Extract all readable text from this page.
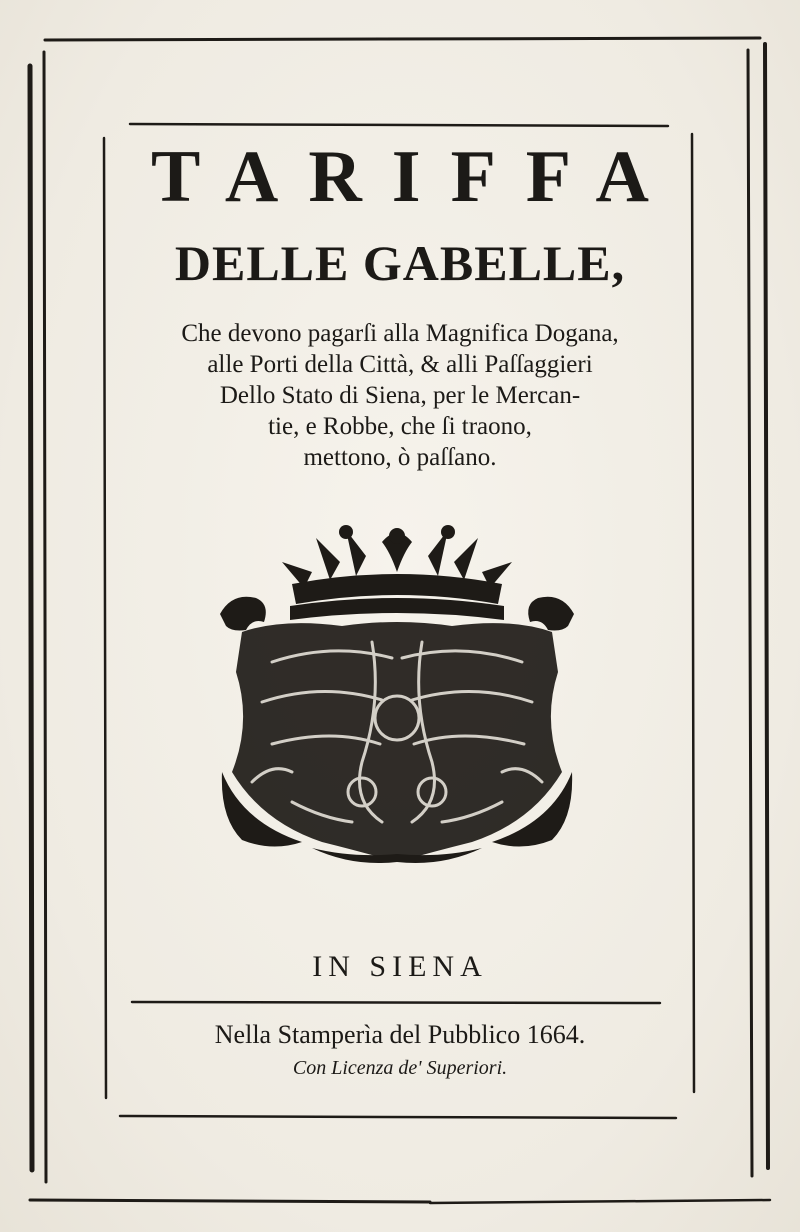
TARIFFA
DELLE GABELLE,
Che devono pagarſi alla Magnifica Dogana,
alle Porti della Città, & alli Paſſaggieri
Dello Stato di Siena, per le Mercan-
tie, e Robbe, che ſi traono,
mettono, ò paſſano.
IN SIENA
Nella Stamperìa del Pubblico 1664.
Con Licenza de' Superiori.
